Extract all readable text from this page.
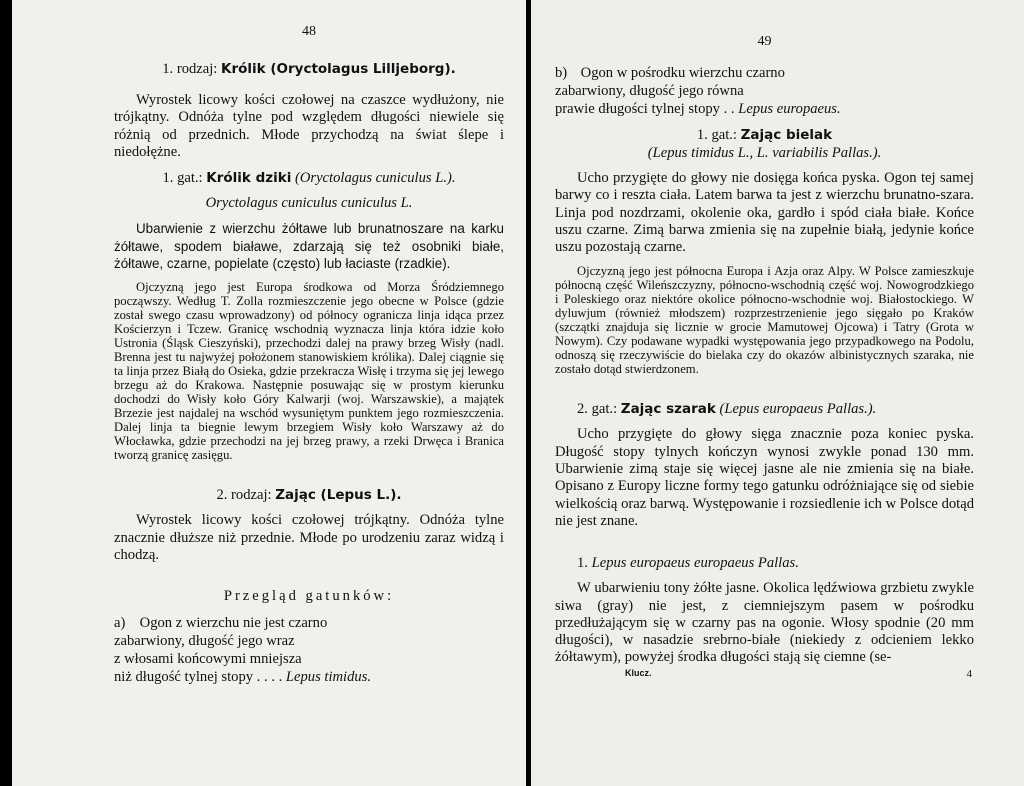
48

1. rodzaj: Królik (Oryctolagus Lilljeborg).

Wyrostek licowy kości czołowej na czaszce wydłużony, nie trójkątny. Odnóża tylne pod względem długości niewiele się różnią od przednich. Młode przychodzą na świat ślepe i niedołężne.

1. gat.: Królik dziki (Oryctolagus cuniculus L.).

Oryctolagus cuniculus cuniculus L.

Ubarwienie z wierzchu żółtawe lub brunatnoszare na karku żółtawe, spodem białawe, zdarzają się też osobniki białe, żółtawe, czarne, popielate (często) lub łaciaste (rzadkie).

Ojczyzną jego jest Europa środkowa od Morza Śródziemnego począwszy. Według T. Zolla rozmieszczenie jego obecne w Polsce (gdzie został swego czasu wprowadzony) od północy ogranicza linja idąca przez Kościerzyn i Tczew. Granicę wschodnią wyznacza linja która idzie koło Ustronia (Śląsk Cieszyński), przechodzi dalej na prawy brzeg Wisły (nadl. Brenna jest tu najwyżej położonem stanowiskiem królika). Dalej ciągnie się ta linja przez Białą do Osieka, gdzie przekracza Wisłę i trzyma się jej lewego brzegu aż do Krakowa. Następnie posuwając się w prostym kierunku dochodzi do Wisły koło Góry Kalwarji (woj. Warszawskie), a majątek Brzezie jest najdalej na wschód wysuniętym punktem jego rozmieszczenia. Dalej linja ta biegnie lewym brzegiem Wisły koło Warszawy aż do Włocławka, gdzie przechodzi na jej brzeg prawy, a rzeki Drwęca i Branica tworzą granicę zasięgu.

2. rodzaj: Zając (Lepus L.).

Wyrostek licowy kości czołowej trójkątny. Odnóża tylne znacznie dłuższe niż przednie. Młode po urodzeniu zaraz widzą i chodzą.

Przegląd gatunków:

a) Ogon z wierzchu nie jest czarno
zabarwiony, długość jego wraz
z włosami końcowymi mniejsza
niż długość tylnej stopy . . . . Lepus timidus.
49
b) Ogon w pośrodku wierzchu czarno
zabarwiony, długość jego równa
prawie długości tylnej stopy . . Lepus europaeus.

1. gat.: Zając bielak

(Lepus timidus L., L. variabilis Pallas.).

Ucho przygięte do głowy nie dosięga końca pyska. Ogon tej samej barwy co i reszta ciała. Latem barwa ta jest z wierzchu brunatno-szara. Linja pod nozdrzami, okolenie oka, gardło i spód ciała białe. Końce uszu czarne. Zimą barwa zmienia się na zupełnie białą, jedynie końce uszu pozostają czarne.

Ojczyzną jego jest północna Europa i Azja oraz Alpy. W Polsce zamieszkuje północną część Wileńszczyzny, północno-wschodnią część woj. Nowogrodzkiego i Poleskiego oraz niektóre okolice północno-wschodnie woj. Białostockiego. W dyluwjum (również młodszem) rozprzestrzenienie jego sięgało po Kraków (szczątki znajduja się licznie w grocie Mamutowej Ojcowa) i Tatry (Grota w Nowym). Czy podawane wypadki występowania jego przypadkowego na Podolu, odnoszą się rzeczywiście do bielaka czy do okazów albinistycznych szaraka, nie zostało dotąd stwierdzonem.

2. gat.: Zając szarak (Lepus europaeus Pallas.).

Ucho przygięte do głowy sięga znacznie poza koniec pyska. Długość stopy tylnych kończyn wynosi zwykle ponad 130 mm. Ubarwienie zimą staje się więcej jasne ale nie zmienia się na białe. Opisano z Europy liczne formy tego gatunku odróżniające się od siebie wielkością oraz barwą. Występowanie i rozsiedlenie ich w Polsce dotąd nie jest znane.

1. Lepus europaeus europaeus Pallas.

W ubarwieniu tony żółte jasne. Okolica lędźwiowa grzbietu zwykle siwa (gray) nie jest, z ciemniejszym pasem w pośrodku przedłużającym się w czarny pas na ogonie. Włosy spodnie (20 mm długości), w nasadzie srebrno-białe (niekiedy z odcieniem lekko żółtawym), powyżej środka długości stają się ciemne (se-

Klucz.	4
